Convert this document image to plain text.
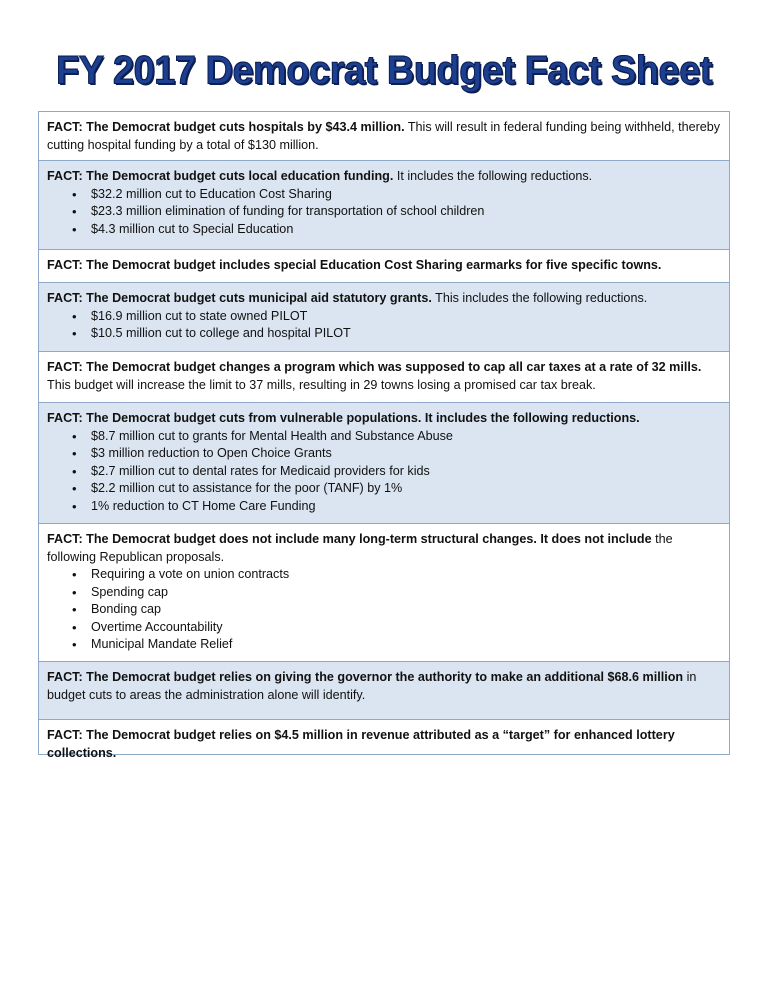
FY 2017 Democrat Budget Fact Sheet
FACT: The Democrat budget cuts hospitals by $43.4 million. This will result in federal funding being withheld, thereby cutting hospital funding by a total of $130 million.
FACT: The Democrat budget cuts local education funding. It includes the following reductions.
• $32.2 million cut to Education Cost Sharing
• $23.3 million elimination of funding for transportation of school children
• $4.3 million cut to Special Education
FACT: The Democrat budget includes special Education Cost Sharing earmarks for five specific towns.
FACT: The Democrat budget cuts municipal aid statutory grants. This includes the following reductions.
• $16.9 million cut to state owned PILOT
• $10.5 million cut to college and hospital PILOT
FACT: The Democrat budget changes a program which was supposed to cap all car taxes at a rate of 32 mills. This budget will increase the limit to 37 mills, resulting in 29 towns losing a promised car tax break.
FACT: The Democrat budget cuts from vulnerable populations. It includes the following reductions.
• $8.7 million cut to grants for Mental Health and Substance Abuse
• $3 million reduction to Open Choice Grants
• $2.7 million cut to dental rates for Medicaid providers for kids
• $2.2 million cut to assistance for the poor (TANF) by 1%
• 1% reduction to CT Home Care Funding
FACT: The Democrat budget does not include many long-term structural changes. It does not include the following Republican proposals.
• Requiring a vote on union contracts
• Spending cap
• Bonding cap
• Overtime Accountability
• Municipal Mandate Relief
FACT: The Democrat budget relies on giving the governor the authority to make an additional $68.6 million in budget cuts to areas the administration alone will identify.
FACT: The Democrat budget relies on $4.5 million in revenue attributed as a “target” for enhanced lottery collections.
